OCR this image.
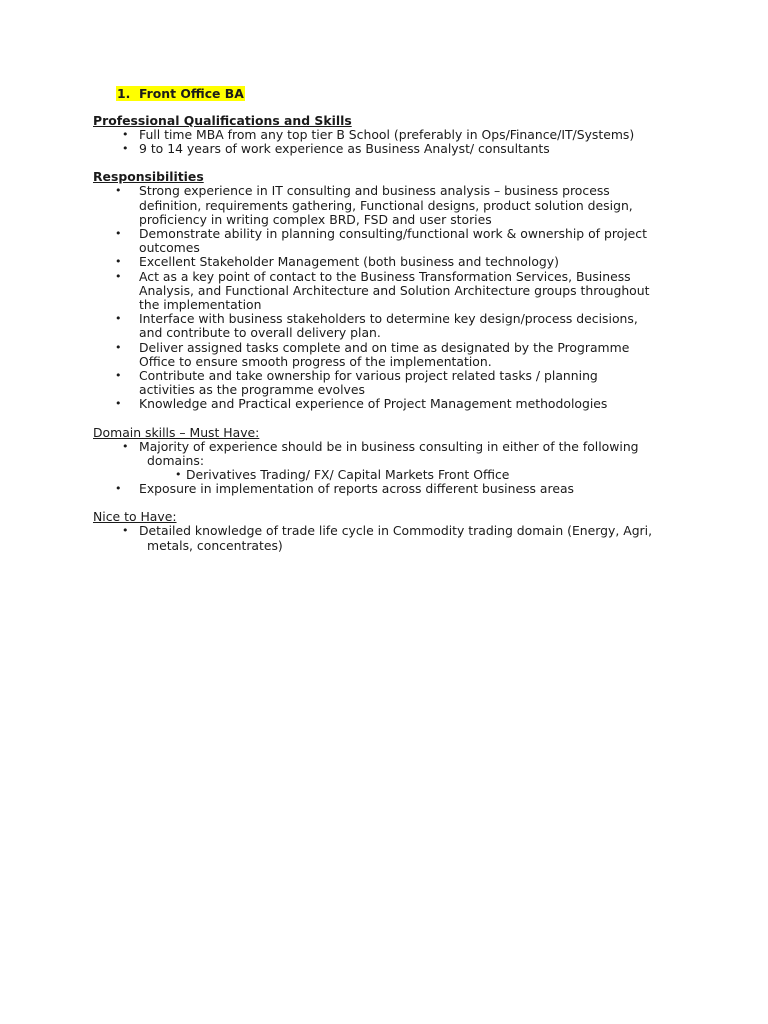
1. Front Office BA
Professional Qualifications and Skills
• Full time MBA from any top tier B School (preferably in Ops/Finance/IT/Systems)
• 9 to 14 years of work experience as Business Analyst/ consultants
Responsibilities
• Strong experience in IT consulting and business analysis – business process
definition, requirements gathering, Functional designs, product solution design,
proficiency in writing complex BRD, FSD and user stories
• Demonstrate ability in planning consulting/functional work & ownership of project
outcomes
• Excellent Stakeholder Management (both business and technology)
• Act as a key point of contact to the Business Transformation Services, Business
Analysis, and Functional Architecture and Solution Architecture groups throughout
the implementation
• Interface with business stakeholders to determine key design/process decisions,
and contribute to overall delivery plan.
• Deliver assigned tasks complete and on time as designated by the Programme
Office to ensure smooth progress of the implementation.
• Contribute and take ownership for various project related tasks / planning
activities as the programme evolves
• Knowledge and Practical experience of Project Management methodologies
Domain skills – Must Have:
• Majority of experience should be in business consulting in either of the following
domains:
• Derivatives Trading/ FX/ Capital Markets Front Office
• Exposure in implementation of reports across different business areas
Nice to Have:
• Detailed knowledge of trade life cycle in Commodity trading domain (Energy, Agri,
metals, concentrates)
